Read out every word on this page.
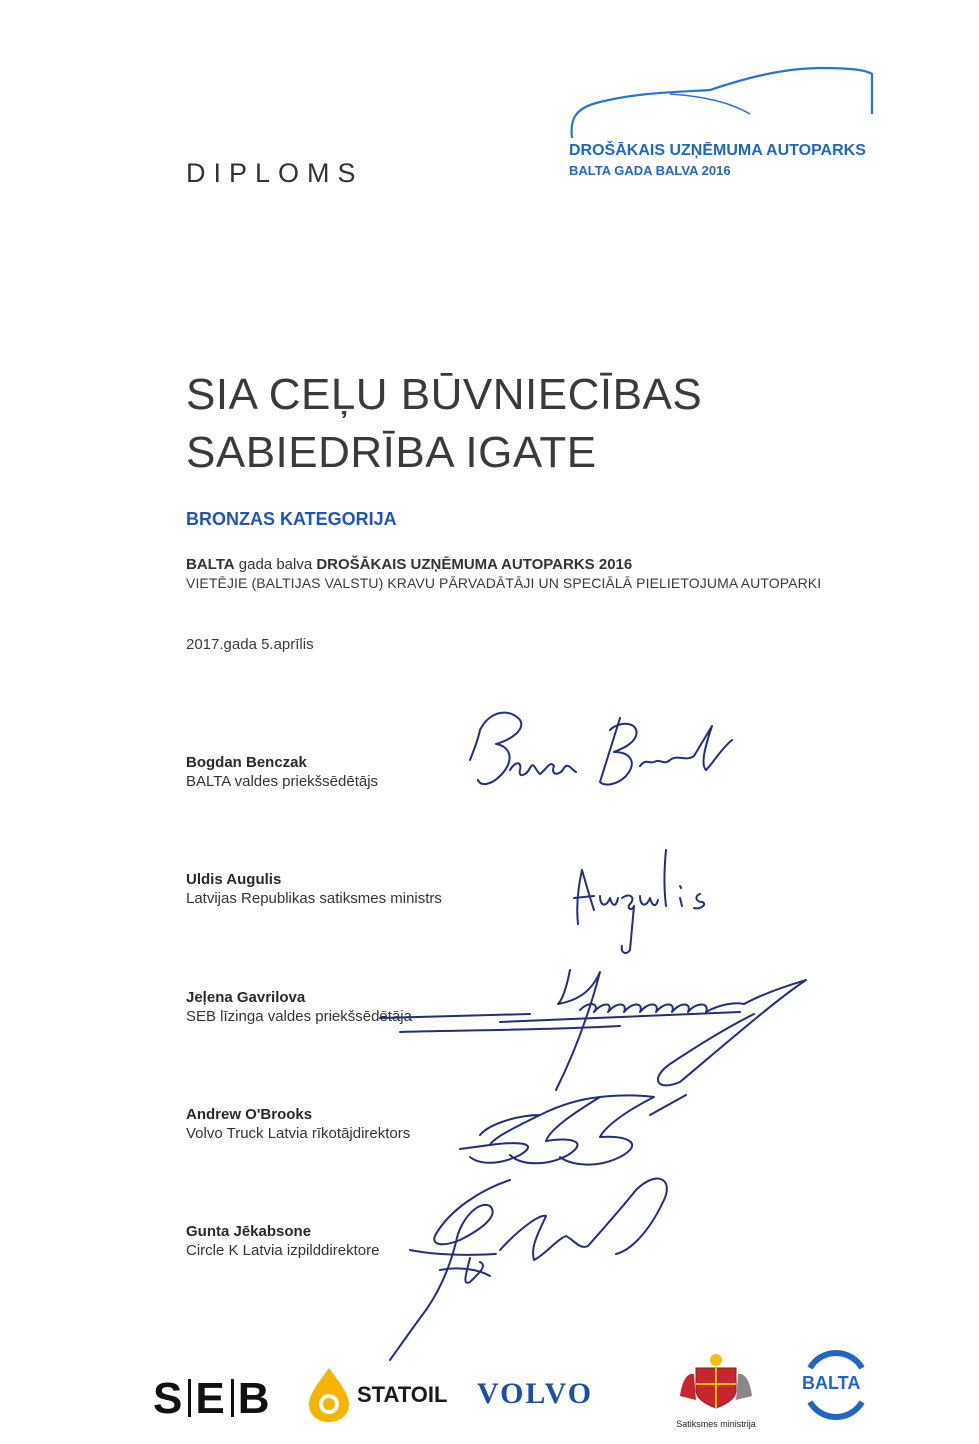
DIPLOMS
DROŠĀKAIS UZŅĒMUMA AUTOPARKS
BALTA GADA BALVA 2016
SIA CEĻU BŪVNIECĪBAS
SABIEDRĪBA IGATE
BRONZAS KATEGORIJA
BALTA gada balva DROŠĀKAIS UZŅĒMUMA AUTOPARKS 2016
VIETĒJIE (BALTIJAS VALSTU) KRAVU PĀRVADĀTĀJI UN SPECIĀLĀ PIELIETOJUMA AUTOPARKI
2017.gada 5.aprīlis
Bogdan Benczak
BALTA valdes priekšsēdētājs
Uldis Augulis
Latvijas Republikas satiksmes ministrs
Jeļena Gavrilova
SEB līzinga valdes priekšsēdētāja
Andrew O'Brooks
Volvo Truck Latvia rīkotājdirektors
Gunta Jēkabsone
Circle K Latvia izpilddirektore
S E B	STATOIL VOLVO
Satiksmes ministrija
BALTA
